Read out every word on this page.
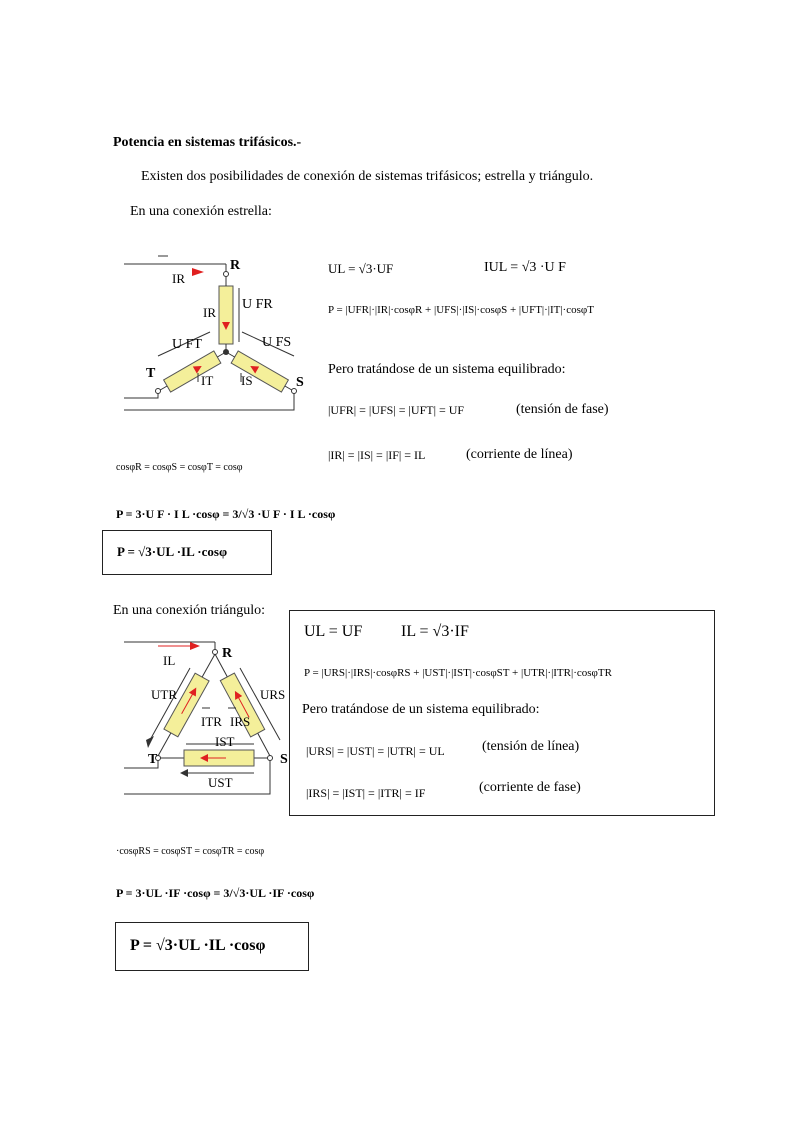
Potencia en sistemas trifásicos.-
Existen dos posibilidades de conexión de sistemas trifásicos; estrella y triángulo.
En una conexión estrella:
R
IR
IR
U FR
U FT	U FS
T
S
IT IS
UL = √3·UF	IUL = √3 ·U F
P = |UFR|·|IR|·cosφR + |UFS|·|IS|·cosφS + |UFT|·|IT|·cosφT
Pero tratándose de un sistema equilibrado:
|UFR| = |UFS| = |UFT| = UF	(tensión de fase)
|IR| = |IS| = |IF| = IL	(corriente de línea)
cosφR = cosφS = cosφT = cosφ
P = 3·U F · I L ·cosφ = 3/√3 ·U F · I L ·cosφ
P = √3·UL ·IL ·cosφ
En una conexión triángulo:
R
IL
UTR	URS
ITR IRS
IST
T	S
UST
UL = UF IL = √3·IF
P = |URS|·|IRS|·cosφRS + |UST|·|IST|·cosφST + |UTR|·|ITR|·cosφTR
Pero tratándose de un sistema equilibrado:
|URS| = |UST| = |UTR| = UL	(tensión de línea)
|IRS| = |IST| = |ITR| = IF	(corriente de fase)
·cosφRS = cosφST = cosφTR = cosφ
P = 3·UL ·IF ·cosφ = 3/√3·UL ·IF ·cosφ
P = √3·UL ·IL ·cosφ
